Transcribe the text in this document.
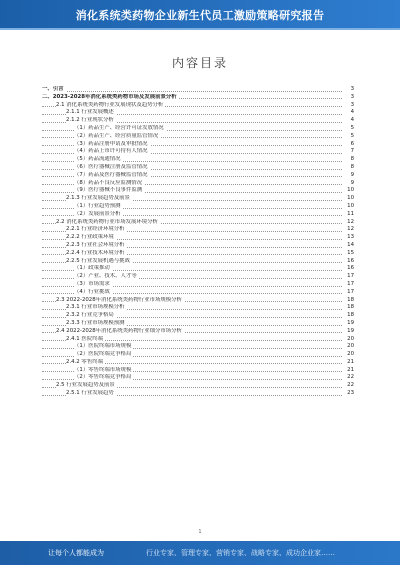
消化系统类药物企业新生代员工激励策略研究报告
内容目录
一、引言	3
二、2023-2028年消化系统类药物市场及发展前景分析	3
2.1 消化系统类药物行业发展现状及趋势分析	3
2.1.1 行业发展概述	4
2.1.2 行业现状分析	4
（1）药品生产、经营许可证发放情况	5
（2）药品生产、经营质量监管情况	5
（3）药品注册申请及审批情况	6
（4）药品上市许可持有人情况	7
（5）药品流通情况	8
（6）医疗器械注册及监管情况	8
（7）药品及医疗器械监管情况	9
（8）药品不良反应监测情况	9
（9）医疗器械不良事件监测	10
2.1.3 行业发展趋势及前景	10
（1）行业趋势预测	10
（2）发展前景分析	11
2.2 消化系统类药物行业市场发展环境分析	12
2.2.1 行业经济环境分析	12
2.2.2 行业政策环境	13
2.2.3 行业社会环境分析	14
2.2.4 行业技术环境分析	15
2.2.5 行业发展机遇与挑战	16
（1）政策推动	16
（2）产业、技术、人才等	17
（3）市场需求	17
（4）行业挑战	17
2.3 2022-2028年消化系统类药物行业市场规模分析	18
2.3.1 行业市场规模分析	18
2.3.2 行业竞争格局	18
2.3.3 行业市场规模预测	19
2.4 2022-2028年消化系统类药物行业细分市场分析	19
2.4.1 医院终端	20
（1）医院终端市场规模	20
（2）医院终端竞争格局	20
2.4.2 零售终端	21
（1）零售终端市场规模	21
（2）零售终端竞争格局	22
2.5 行业发展趋势及前景	22
2.5.1 行业发展趋势	23
1
让每个人都能成为	行业专家、管理专家、营销专家、战略专家、成功企业家……
